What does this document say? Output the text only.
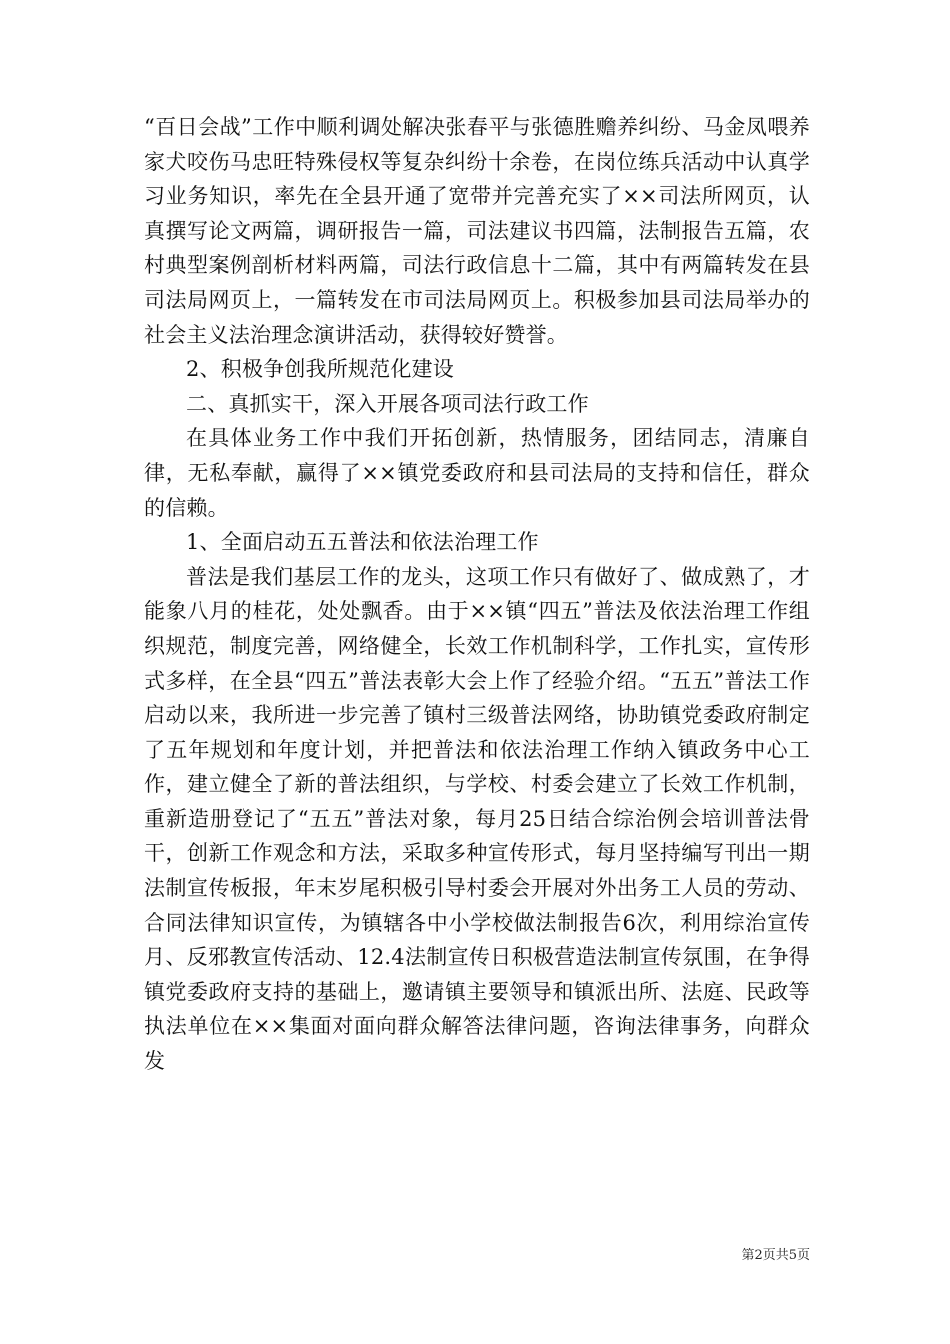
“百日会战”工作中顺利调处解决张春平与张德胜赡养纠纷、马金凤喂养家犬咬伤马忠旺特殊侵权等复杂纠纷十余卷，在岗位练兵活动中认真学习业务知识，率先在全县开通了宽带并完善充实了××司法所网页，认真撰写论文两篇，调研报告一篇，司法建议书四篇，法制报告五篇，农村典型案例剖析材料两篇，司法行政信息十二篇，其中有两篇转发在县司法局网页上，一篇转发在市司法局网页上。积极参加县司法局举办的社会主义法治理念演讲活动，获得较好赞誉。

2、积极争创我所规范化建设

二、真抓实干，深入开展各项司法行政工作

在具体业务工作中我们开拓创新，热情服务，团结同志，清廉自律，无私奉献，赢得了××镇党委政府和县司法局的支持和信任，群众的信赖。

1、全面启动五五普法和依法治理工作

普法是我们基层工作的龙头，这项工作只有做好了、做成熟了，才能象八月的桂花，处处飘香。由于××镇“四五”普法及依法治理工作组织规范，制度完善，网络健全，长效工作机制科学，工作扎实，宣传形式多样，在全县“四五”普法表彰大会上作了经验介绍。“五五”普法工作启动以来，我所进一步完善了镇村三级普法网络，协助镇党委政府制定了五年规划和年度计划，并把普法和依法治理工作纳入镇政务中心工作，建立健全了新的普法组织，与学校、村委会建立了长效工作机制，重新造册登记了“五五”普法对象，每月25日结合综治例会培训普法骨干，创新工作观念和方法，采取多种宣传形式，每月坚持编写刊出一期法制宣传板报，年末岁尾积极引导村委会开展对外出务工人员的劳动、合同法律知识宣传，为镇辖各中小学校做法制报告6次，利用综治宣传月、反邪教宣传活动、12.4法制宣传日积极营造法制宣传氛围，在争得镇党委政府支持的基础上，邀请镇主要领导和镇派出所、法庭、民政等执法单位在××集面对面向群众解答法律问题，咨询法律事务，向群众发

第2页共5页
